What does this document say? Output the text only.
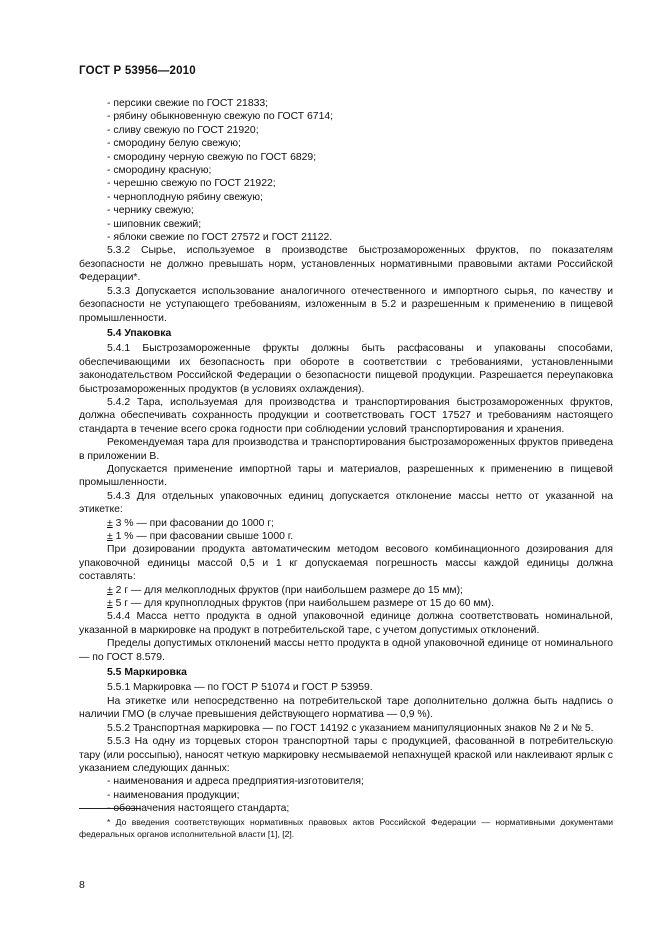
ГОСТ Р 53956—2010

- персики свежие по ГОСТ 21833;

- рябину обыкновенную свежую по ГОСТ 6714;

- сливу свежую по ГОСТ 21920;

- смородину белую свежую;

- смородину черную свежую по ГОСТ 6829;

- смородину красную;

- черешню свежую по ГОСТ 21922;

- черноплодную рябину свежую;

- чернику свежую;

- шиповник свежий;

- яблоки свежие по ГОСТ 27572 и ГОСТ 21122.

5.3.2 Сырье, используемое в производстве быстрозамороженных фруктов, по показателям безопасности не должно превышать норм, установленных нормативными правовыми актами Российской Федерации*.

5.3.3 Допускается использование аналогичного отечественного и импортного сырья, по качеству и безопасности не уступающего требованиям, изложенным в 5.2 и разрешенным к применению в пищевой промышленности.

5.4 Упаковка

5.4.1 Быстрозамороженные фрукты должны быть расфасованы и упакованы способами, обеспечивающими их безопасность при обороте в соответствии с требованиями, установленными законодательством Российской Федерации о безопасности пищевой продукции. Разрешается переупаковка быстрозамороженных продуктов (в условиях охлаждения).

5.4.2 Тара, используемая для производства и транспортирования быстрозамороженных фруктов, должна обеспечивать сохранность продукции и соответствовать ГОСТ 17527 и требованиям настоящего стандарта в течение всего срока годности при соблюдении условий транспортирования и хранения.

Рекомендуемая тара для производства и транспортирования быстрозамороженных фруктов приведена в приложении В.

Допускается применение импортной тары и материалов, разрешенных к применению в пищевой промышленности.

5.4.3 Для отдельных упаковочных единиц допускается отклонение массы нетто от указанной на этикетке:

± 3 % — при фасовании до 1000 г;

± 1 % — при фасовании свыше 1000 г.

При дозировании продукта автоматическим методом весового комбинационного дозирования для упаковочной единицы массой 0,5 и 1 кг допускаемая погрешность массы каждой единицы должна составлять:

± 2 г — для мелкоплодных фруктов (при наибольшем размере до 15 мм);

± 5 г — для крупноплодных фруктов (при наибольшем размере от 15 до 60 мм).

5.4.4 Масса нетто продукта в одной упаковочной единице должна соответствовать номинальной, указанной в маркировке на продукт в потребительской таре, с учетом допустимых отклонений.

Пределы допустимых отклонений массы нетто продукта в одной упаковочной единице от номинального — по ГОСТ 8.579.

5.5 Маркировка

5.5.1 Маркировка — по ГОСТ Р 51074 и ГОСТ Р 53959.

На этикетке или непосредственно на потребительской таре дополнительно должна быть надпись о наличии ГМО (в случае превышения действующего норматива — 0,9 %).

5.5.2 Транспортная маркировка — по ГОСТ 14192 с указанием манипуляционных знаков № 2 и № 5.

5.5.3 На одну из торцевых сторон транспортной тары с продукцией, фасованной в потребительскую тару (или россыпью), наносят четкую маркировку несмываемой непахнущей краской или наклеивают ярлык с указанием следующих данных:

- наименования и адреса предприятия-изготовителя;

- наименования продукции;

- обозначения настоящего стандарта;

* До введения соответствующих нормативных правовых актов Российской Федерации — нормативными документами федеральных органов исполнительной власти [1], [2].
8
